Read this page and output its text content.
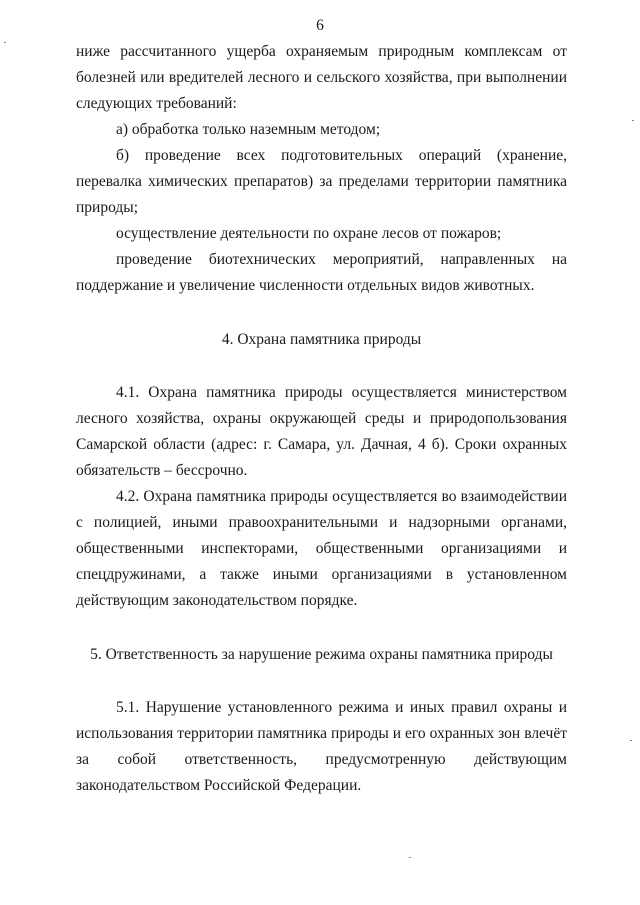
6

ниже рассчитанного ущерба охраняемым природным комплексам от болезней или вредителей лесного и сельского хозяйства, при выполнении следующих требований:

а) обработка только наземным методом;

б) проведение всех подготовительных операций (хранение, перевалка химических препаратов) за пределами территории памятника природы;

осуществление деятельности по охране лесов от пожаров;

проведение биотехнических мероприятий, направленных на поддержание и увеличение численности отдельных видов животных.

4. Охрана памятника природы

4.1. Охрана памятника природы осуществляется министерством лесного хозяйства, охраны окружающей среды и природопользования Самарской области (адрес: г. Самара, ул. Дачная, 4 б). Сроки охранных обязательств – бессрочно.

4.2. Охрана памятника природы осуществляется во взаимодействии с полицией, иными правоохранительными и надзорными органами, общественными инспекторами, общественными организациями и спецдружинами, а также иными организациями в установленном действующим законодательством порядке.

5. Ответственность за нарушение режима охраны памятника природы

5.1. Нарушение установленного режима и иных правил охраны и использования территории памятника природы и его охранных зон влечёт за собой ответственность, предусмотренную действующим законодательством Российской Федерации.
